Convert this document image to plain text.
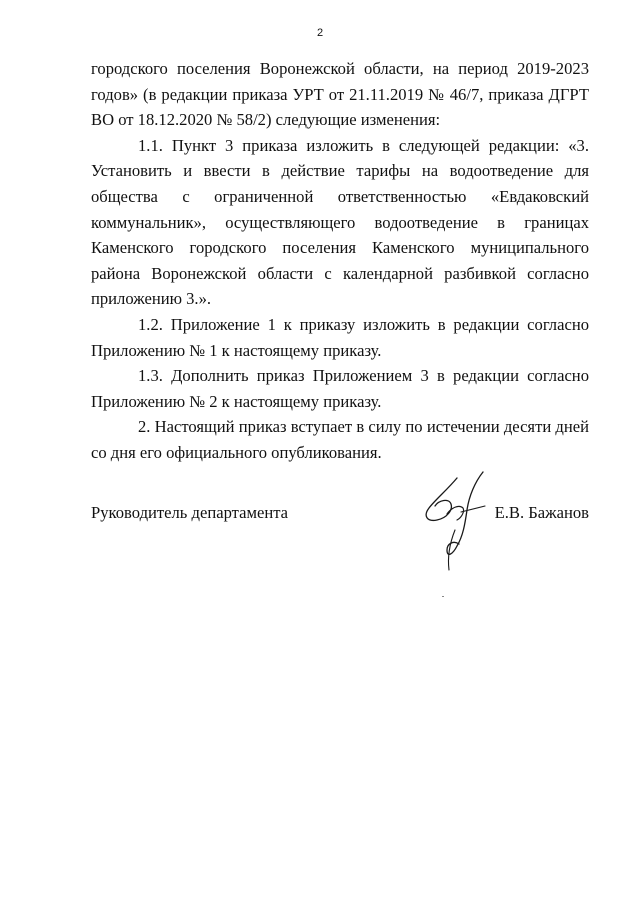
2

городского поселения Воронежской области, на период 2019-2023 годов» (в редакции приказа УРТ от 21.11.2019 № 46/7, приказа ДГРТ ВО от 18.12.2020 № 58/2) следующие изменения:

1.1. Пункт 3 приказа изложить в следующей редакции: «3. Установить и ввести в действие тарифы на водоотведение для общества с ограниченной ответственностью «Евдаковский коммунальник», осуществляющего водоотведение в границах Каменского городского поселения Каменского муниципального района Воронежской области с календарной разбивкой согласно приложению 3.».

1.2. Приложение 1 к приказу изложить в редакции согласно Приложению № 1 к настоящему приказу.

1.3. Дополнить приказ Приложением 3 в редакции согласно Приложению № 2 к настоящему приказу.

2. Настоящий приказ вступает в силу по истечении десяти дней со дня его официального опубликования.

Руководитель департамента	Е.В. Бажанов
